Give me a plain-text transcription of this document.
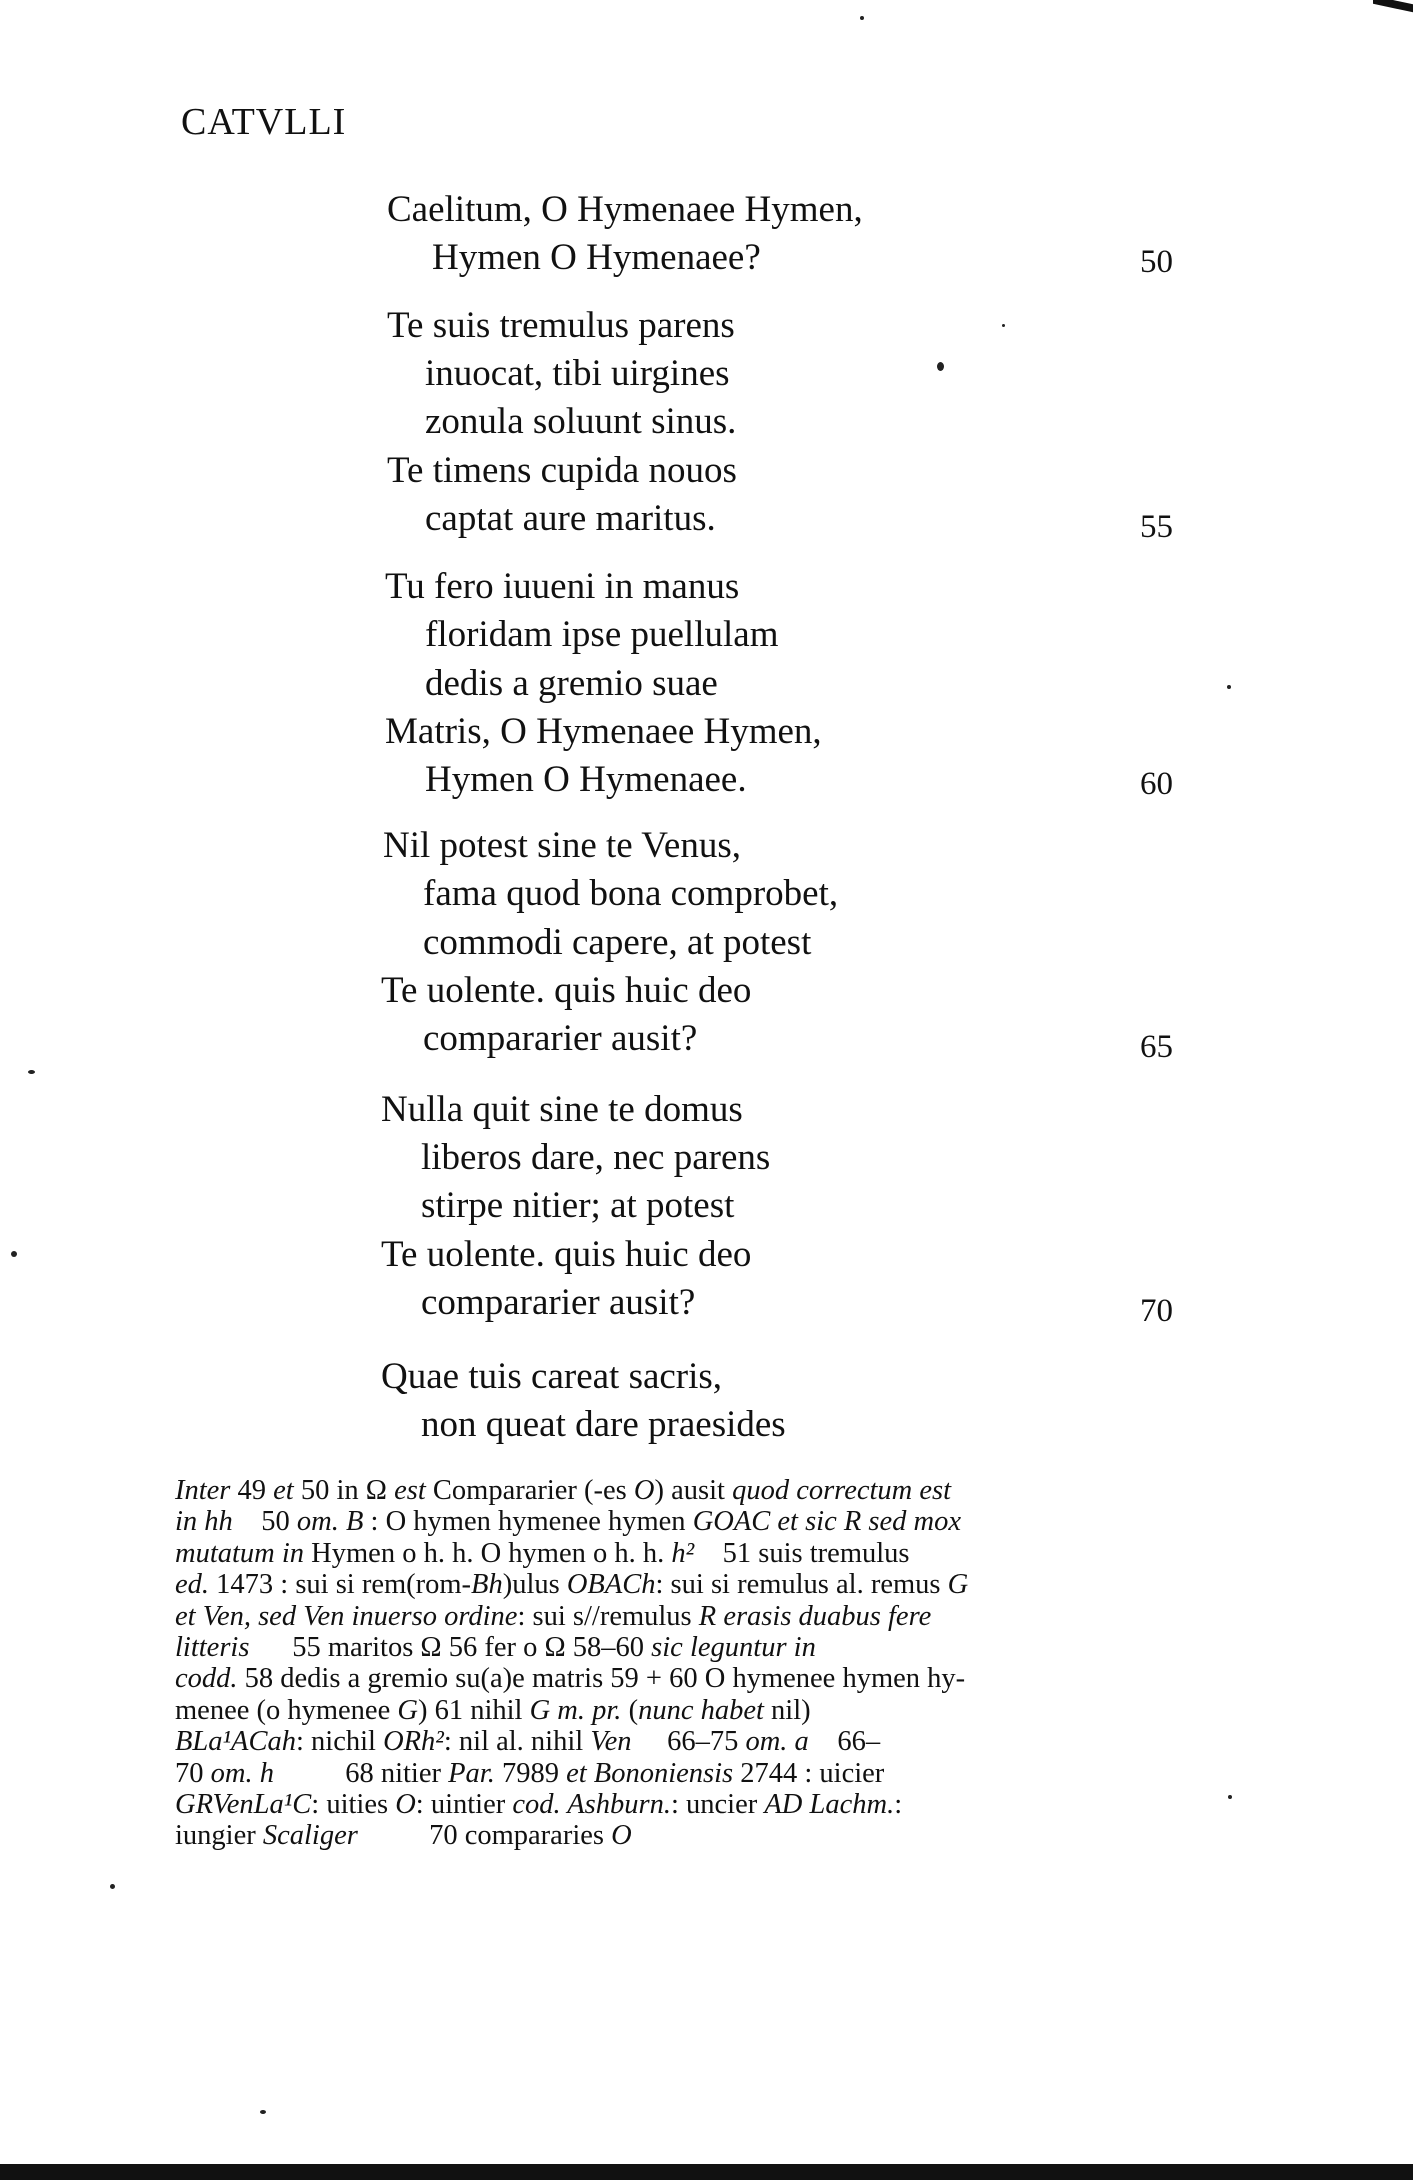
CATVLLI
Caelitum, O Hymenaee Hymen,
Hymen O Hymenaee?	50
Te suis tremulus parens
inuocat, tibi uirgines
zonula soluunt sinus.
Te timens cupida nouos
captat aure maritus.	55
Tu fero iuueni in manus
floridam ipse puellulam
dedis a gremio suae
Matris, O Hymenaee Hymen,
Hymen O Hymenaee.	60
Nil potest sine te Venus,
fama quod bona comprobet,
commodi capere, at potest
Te uolente. quis huic deo
compararier ausit?	65
Nulla quit sine te domus
liberos dare, nec parens
stirpe nitier; at potest
Te uolente. quis huic deo
compararier ausit?	70
Quae tuis careat sacris,
non queat dare praesides
Inter 49 et 50 in Ω est Compararier (-es O) ausit quod correctum est
in hh 50 om. B : O hymen hymenee hymen GOAC et sic R sed mox
mutatum in Hymen o h. h. O hymen o h. h. h² 51 suis tremulus
ed. 1473 : sui si rem(rom-Bh)ulus OBACh: sui si remulus al. remus G
et Ven, sed Ven inuerso ordine: sui s//remulus R erasis duabus fere
litteris 55 maritos Ω 56 fer o Ω 58–60 sic leguntur in
codd. 58 dedis a gremio su(a)e matris 59 + 60 O hymenee hymen hy-
menee (o hymenee G) 61 nihil G m. pr. (nunc habet nil)
BLa¹ACah: nichil ORh²: nil al. nihil Ven 66–75 om. a 66–
70 om. h	68 nitier Par. 7989 et Bononiensis 2744 : uicier
GRVenLa¹C: uities O: uintier cod. Ashburn.: uncier AD Lachm.:
iungier Scaliger	70 compararies O
